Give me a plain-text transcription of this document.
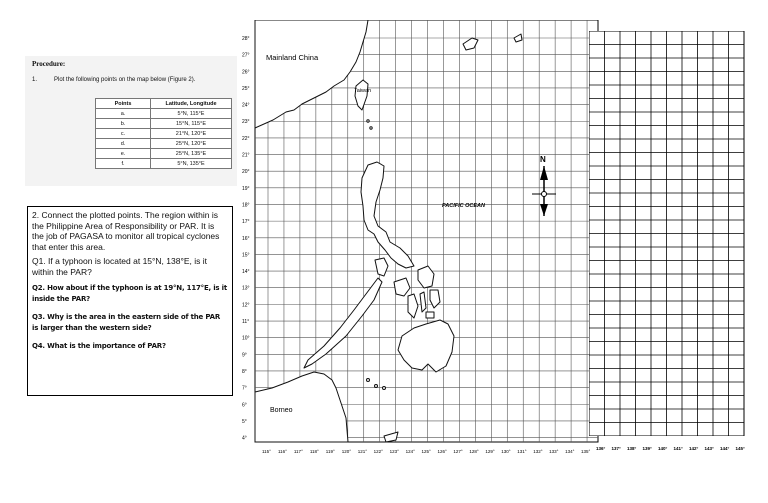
Procedure:
1.	Plot the following points on the map below (Figure 2).
Points	Latitude, Longitude
a.	5°N, 115°E
b.	15°N, 115°E
c.	21°N, 120°E
d.	25°N, 120°E
e.	25°N, 135°E
f.	5°N, 135°E

2. Connect the plotted points. The region within is the Philippine Area of Responsibility or PAR. It is the job of PAGASA to monitor all tropical cyclones that enter this area.

Q1. If a typhoon is located at 15°N, 138°E, is it within the PAR?

Q2. How about if the typhoon is at 19°N, 117°E, is it inside the PAR?

Q3. Why is the area in the eastern side of the PAR is larger than the western side?

Q4. What is the importance of PAR?

Mainland China
Taiwan
PACIFIC OCEAN
Borneo
N
28°
27°
26°
25°
24°
23°
22°
21°
20°
19°
18°
17°
16°
15°
14°
13°
12°
11°
10°
9°
8°
7°
6°
5°
4°
115° 116° 117° 118° 119° 120° 121° 122° 123° 124° 125° 126° 127° 128° 129° 130° 131° 132° 133° 134° 135°
136° 137° 138° 139° 140° 141° 142° 143° 144° 145°
